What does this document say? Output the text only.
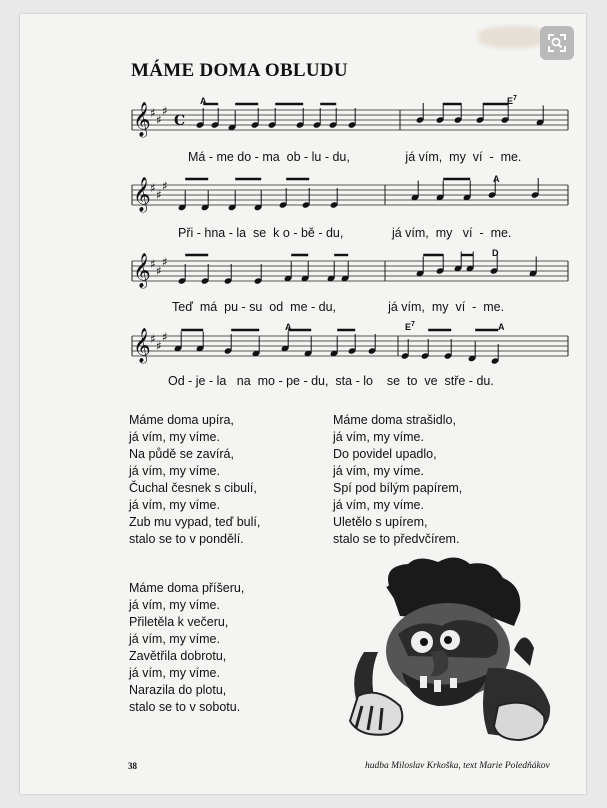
MÁME DOMA OBLUDU
𝄞 ♯ ♯
♯
C
𝄞 ♯ ♯
♯
𝄞 ♯ ♯
♯
𝄞 ♯ ♯
♯
A	$E^7$
A
D
A	$E^7$	A
Má - me do - ma  ob - lu - du,                já vím,  my  ví  -  me.
Při - hna - la  se  k o - bě - du,              já vím,  my   ví  -  me.
Teď  má  pu - su  od  me - du,               já vím,  my  ví  -  me.
Od - je - la   na  mo - pe - du,  sta - lo    se  to  ve  stře - du.
Máme doma upíra,
já vím, my víme.
Na půdě se zavírá,
já vím, my víme.
Čuchal česnek s cibulí,
já vím, my víme.
Zub mu vypad, teď bulí,
stalo se to v pondělí.
Máme doma strašidlo,
já vím, my víme.
Do povidel upadlo,
já vím, my víme.
Spí pod bílým papírem,
já vím, my víme.
Uletělo s upírem,
stalo se to předvčírem.
Máme doma příšeru,
já vím, my víme.
Přiletěla k večeru,
já vím, my víme.
Zavětřila dobrotu,
já vím, my víme.
Narazila do plotu,
stalo se to v sobotu.
38	hudba Miloslav Krkoška, text Marie Poledňákov
